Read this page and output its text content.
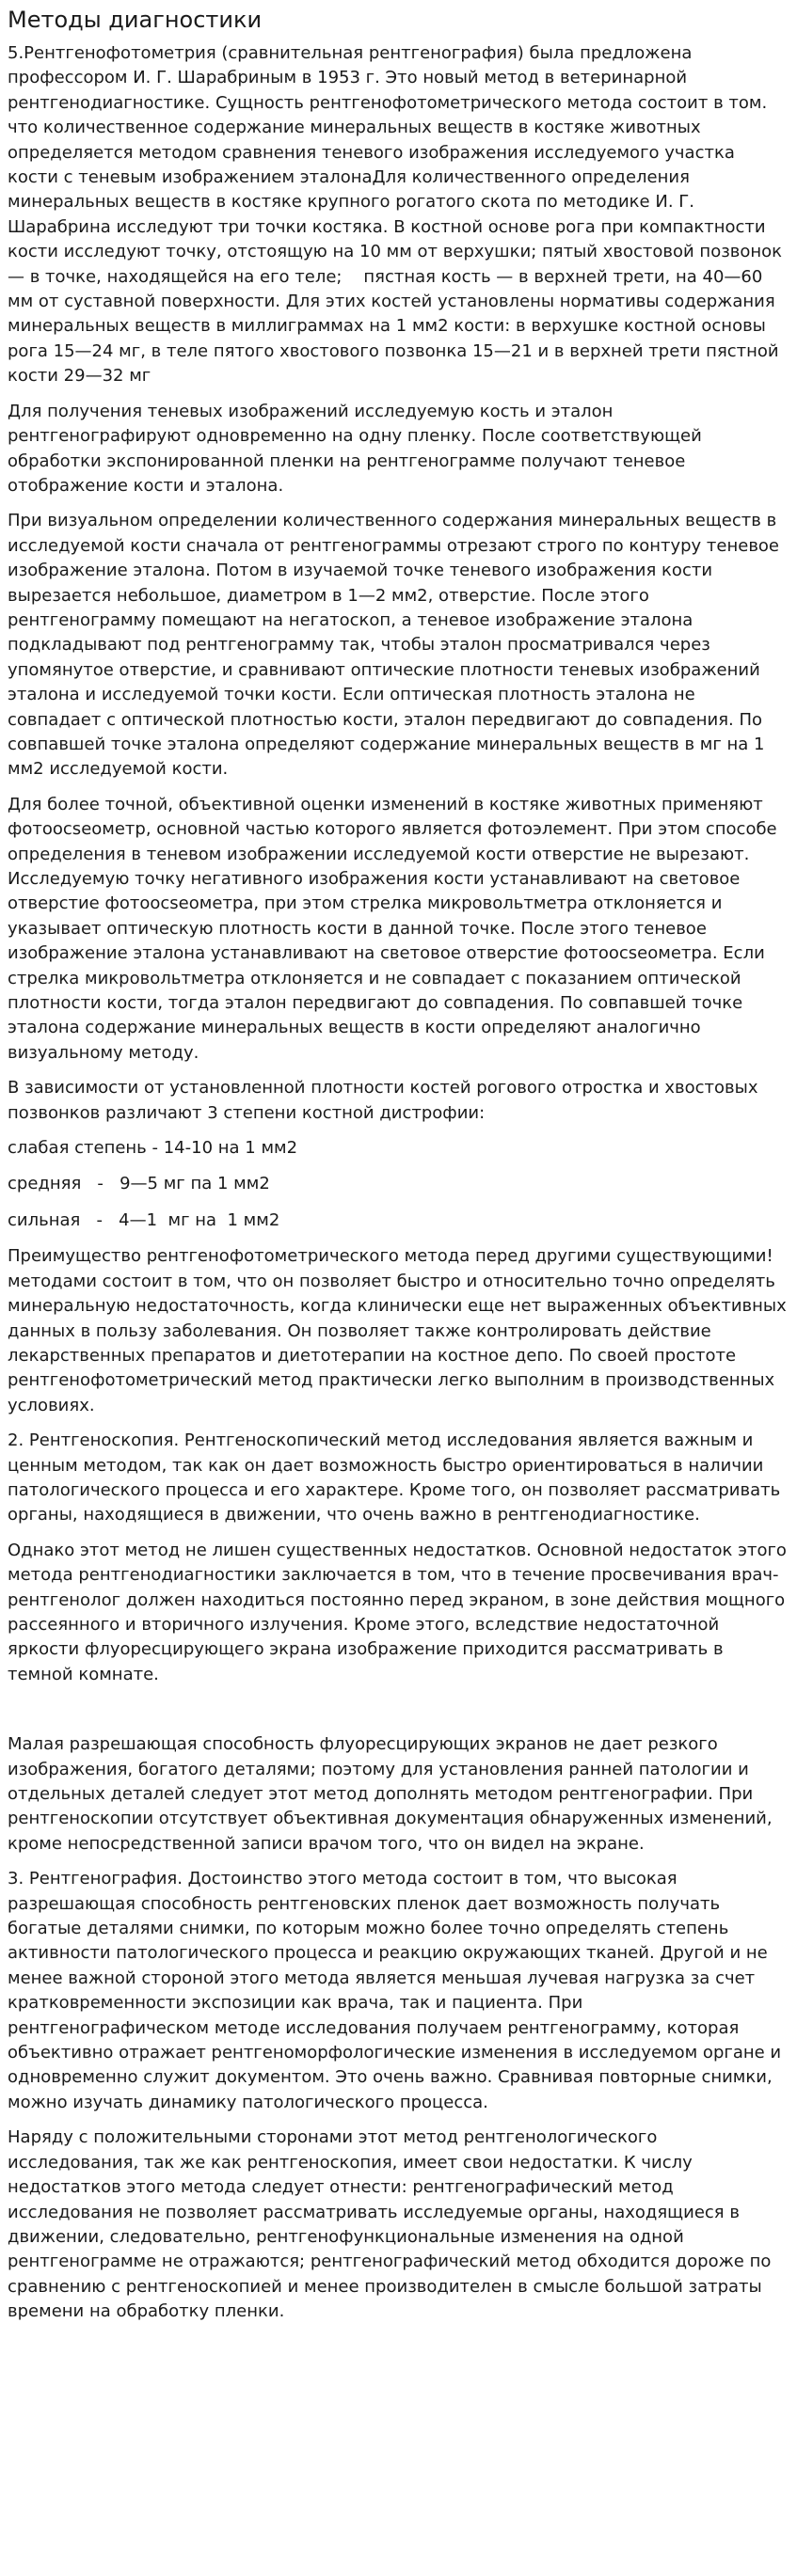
Методы диагностики

5.Рентгенофотометрия (сравнительная рентгенография) была предложена профессором И. Г. Шарабриным в 1953 г. Это новый метод в ветеринарной рентгенодиагностике. Сущность рентгенофотометрического метода состоит в том. что количественное содержание минеральных веществ в костяке животных определяется методом сравнения теневого изображения исследуемого участка кости с теневым изображением эталонаДля количественного определения минеральных веществ в костяке крупного рогатого скота по методике И. Г. Шарабрина исследуют три точки костяка. В костной основе рога при компактности кости исследуют точку, отстоящую на 10 мм от верхушки; пятый хвостовой позвонок — в точке, находящейся на его теле;    пястная кость — в верхней трети, на 40—60 мм от суставной поверхности. Для этих костей установлены нормативы содержания минеральных веществ в миллиграммах на 1 мм2 кости: в верхушке костной основы рога 15—24 мг, в теле пятого хвостового позвонка 15—21 и в верхней трети пястной кости 29—32 мг

Для получения теневых изображений исследуемую кость и эталон рентгенографируют одновременно на одну пленку. После соответствующей обработки экспонированной пленки на рентгенограмме получают теневое отображение кости и эталона.

При визуальном определении количественного содержания минеральных веществ в исследуемой кости сначала от рентгенограммы отрезают строго по контуру теневое изображение эталона. Потом в изучаемой точке теневого изображения кости вырезается небольшое, диаметром в 1—2 мм2, отверстие. После этого рентгенограмму помещают на негатоскоп, а теневое изображение эталона подкладывают под рентгенограмму так, чтобы эталон просматривался через упомянутое отверстие, и сравнивают оптические плотности теневых изображений эталона и исследуемой точки кости. Если оптическая плотность эталона не совпадает с оптической плотностью кости, эталон передвигают до совпадения. По совпавшей точке эталона определяют содержание минеральных веществ в мг на 1 мм2 исследуемой кости.

Для более точной, объективной оценки изменений в костяке животных применяют фотоосseoметр, основной частью которого является фотоэлемент. При этом способе определения в теневом изображении исследуемой кости отверстие не вырезают. Исследуемую точку негативного изображения кости устанавливают на световое отверстие фотоосseoметра, при этом стрелка микровольтметра отклоняется и указывает оптическую плотность кости в данной точке. После этого теневое изображение эталона устанавливают на световое отверстие фотоосseoметра. Если стрелка микровольтметра отклоняется и не совпадает с показанием оптической плотности кости, тогда эталон передвигают до совпадения. По совпавшей точке эталона содержание минеральных веществ в кости определяют аналогично визуальному методу.

В зависимости от установленной плотности костей рогового отростка и хвостовых позвонков различают 3 степени костной дистрофии:

слабая степень - 14-10 на 1 мм2

средняя   -   9—5 мг па 1 мм2

сильная   -   4—1  мг на  1 мм2

Преимущество рентгенофотометрического метода перед другими существующими! методами состоит в том, что он позволяет быстро и относительно точно определять минеральную недостаточность, когда клинически еще нет выраженных объективных данных в пользу заболевания. Он позволяет также контролировать действие лекарственных препаратов и диетотерапии на костное депо. По своей простоте рентгенофотометрический метод практически легко выполним в производственных условиях.

2. Рентгеноскопия. Рентгеноскопический метод исследования является важным и ценным методом, так как он дает возможность быстро ориентироваться в наличии патологического процесса и его характере. Кроме того, он позволяет рассматривать органы, находящиеся в движении, что очень важно в рентгенодиагностике.

Однако этот метод не лишен существенных недостатков. Основной недостаток этого метода рентгенодиагностики заключается в том, что в течение просвечивания врач-рентгенолог должен находиться постоянно перед экраном, в зоне действия мощного рассеянного и вторичного излучения. Кроме этого, вследствие недостаточной яркости флуоресцирующего экрана изображение приходится рассматривать в темной комнате.

Малая разрешающая способность флуоресцирующих экранов не дает резкого изображения, богатого деталями; поэтому для установления ранней патологии и отдельных деталей следует этот метод дополнять методом рентгенографии. При рентгеноскопии отсутствует объективная документация обнаруженных изменений, кроме непосредственной записи врачом того, что он видел на экране.

3. Рентгенография. Достоинство этого метода состоит в том, что высокая разрешающая способность рентгеновских пленок дает возможность получать богатые деталями снимки, по которым можно более точно определять степень активности патологического процесса и реакцию окружающих тканей. Другой и не менее важной стороной этого метода является меньшая лучевая нагрузка за счет кратковременности экспозиции как врача, так и пациента. При рентгенографическом методе исследования получаем рентгенограмму, которая объективно отражает рентгеноморфологические изменения в исследуемом органе и одновременно служит документом. Это очень важно. Сравнивая повторные снимки, можно изучать динамику патологического процесса.

Наряду с положительными сторонами этот метод рентгенологического исследования, так же как рентгеноскопия, имеет свои недостатки. К числу недостатков этого метода следует отнести: рентгенографический метод исследования не позволяет рассматривать исследуемые органы, находящиеся в движении, следовательно, рентгенофункциональные изменения на одной рентгенограмме не отражаются; рентгенографический метод обходится дороже по сравнению с рентгеноскопией и менее производителен в смысле большой затраты времени на обработку пленки.
